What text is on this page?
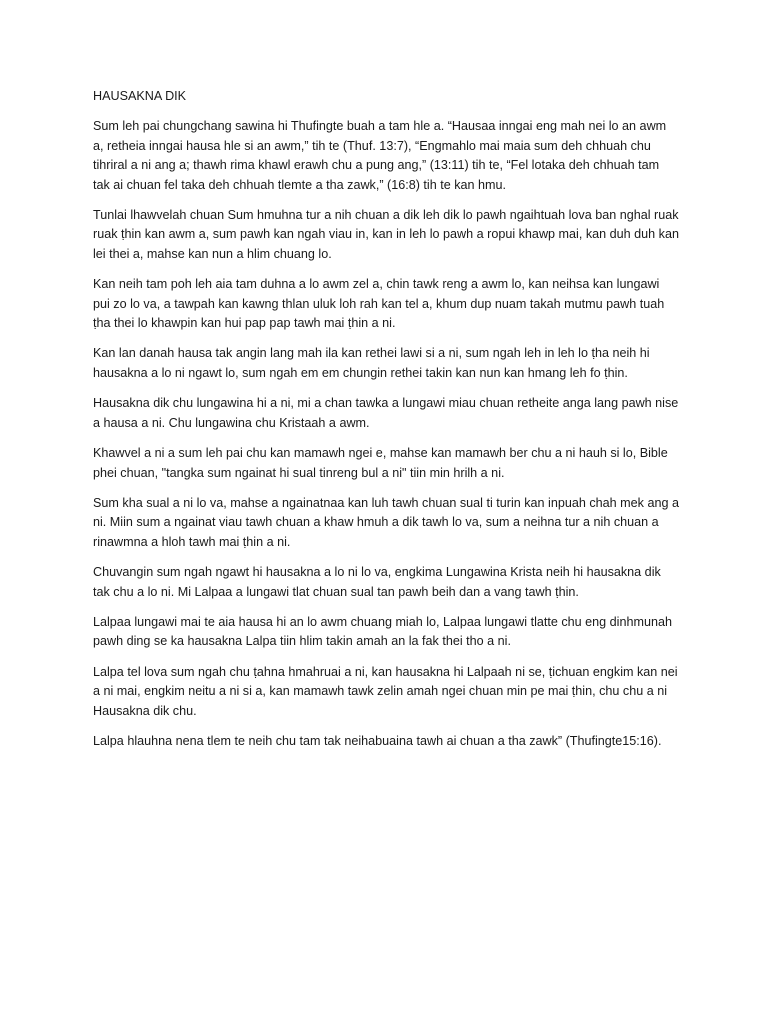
HAUSAKNA DIK

Sum leh pai chungchang sawina hi Thufingte buah a tam hle a. “Hausaa inngai eng mah nei lo an awm a, retheia inngai hausa hle si an awm,” tih te (Thuf. 13:7), “Engmahlo mai maia sum deh chhuah chu tihriral a ni ang a; thawh rima khawl erawh chu a pung ang,” (13:11) tih te, “Fel lotaka deh chhuah tam tak ai chuan fel taka deh chhuah tlemte a tha zawk,” (16:8) tih te kan hmu.

Tunlai lhawvelah chuan Sum hmuhna tur a nih chuan a dik leh dik lo pawh ngaihtuah lova ban nghal ruak ruak ṭhin kan awm a, sum pawh kan ngah viau in, kan in leh lo pawh a ropui khawp mai, kan duh duh kan lei thei a, mahse kan nun a hlim chuang lo.

Kan neih tam poh leh aia tam duhna a lo awm zel a, chin tawk reng a awm lo, kan neihsa kan lungawi pui zo lo va, a tawpah kan kawng thlan uluk loh rah kan tel a, khum dup nuam takah mutmu pawh tuah ṭha thei lo khawpin kan hui pap pap tawh mai ṭhin a ni.

Kan lan danah hausa tak angin lang mah ila kan rethei lawi si a ni, sum ngah leh in leh lo ṭha neih hi hausakna a lo ni ngawt lo, sum ngah em em chungin rethei takin kan nun kan hmang leh fo ṭhin.

Hausakna dik chu lungawina hi a ni, mi a chan tawka a lungawi miau chuan retheite anga lang pawh nise a hausa a ni. Chu lungawina chu Kristaah a awm.

Khawvel a ni a sum leh pai chu kan mamawh ngei e, mahse kan mamawh ber chu a ni hauh si lo, Bible phei chuan, "tangka sum ngainat hi sual tinreng bul a ni" tiin min hrilh a ni.

Sum kha sual a ni lo va, mahse a ngainatnaa kan luh tawh chuan sual ti turin kan inpuah chah mek ang a ni. Miin sum a ngainat viau tawh chuan a khaw hmuh a dik tawh lo va, sum a neihna tur a nih chuan a rinawmna a hloh tawh mai ṭhin a ni.

Chuvangin sum ngah ngawt hi hausakna a lo ni lo va, engkima Lungawina Krista neih hi hausakna dik tak chu a lo ni. Mi Lalpaa a lungawi tlat chuan sual tan pawh beih dan a vang tawh ṭhin.

Lalpaa lungawi mai te aia hausa hi an lo awm chuang miah lo, Lalpaa lungawi tlatte chu eng dinhmunah pawh ding se ka hausakna Lalpa tiin hlim takin amah an la fak thei tho a ni.

Lalpa tel lova sum ngah chu ṭahna hmahruai a ni, kan hausakna hi Lalpaah ni se, ṭichuan engkim kan nei a ni mai, engkim neitu a ni si a, kan mamawh tawk zelin amah ngei chuan min pe mai ṭhin, chu chu a ni Hausakna dik chu.

Lalpa hlauhna nena tlem te neih chu tam tak neihabuaina tawh ai chuan a tha zawk” (Thufingte15:16).
